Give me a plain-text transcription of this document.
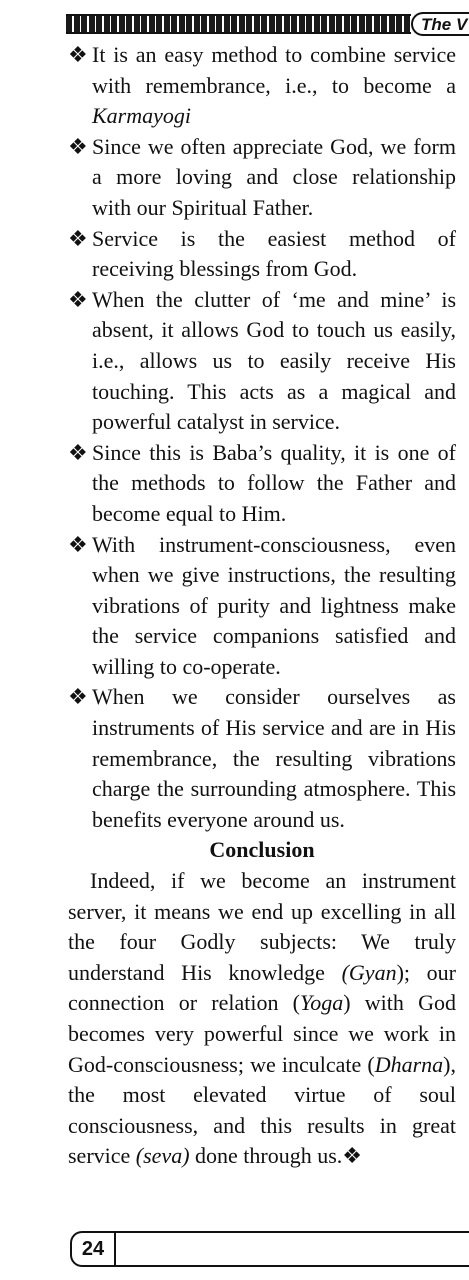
The V
❖ It is an easy method to combine service with remembrance, i.e., to become a Karmayogi
❖ Since we often appreciate God, we form a more loving and close relationship with our Spiritual Father.
❖ Service is the easiest method of receiving blessings from God.
❖ When the clutter of ‘me and mine’ is absent, it allows God to touch us easily, i.e., allows us to easily receive His touching. This acts as a magical and powerful catalyst in service.
❖ Since this is Baba’s quality, it is one of the methods to follow the Father and become equal to Him.
❖ With instrument-consciousness, even when we give instructions, the resulting vibrations of purity and lightness make the service companions satisfied and willing to co-operate.
❖ When we consider ourselves as instruments of His service and are in His remembrance, the resulting vibrations charge the surrounding atmosphere. This benefits everyone around us.
Conclusion

Indeed, if we become an instrument server, it means we end up excelling in all the four Godly subjects: We truly understand His knowledge (Gyan); our connection or relation (Yoga) with God becomes very powerful since we work in God-consciousness; we inculcate (Dharna), the most elevated virtue of soul consciousness, and this results in great service (seva) done through us.❖

24
